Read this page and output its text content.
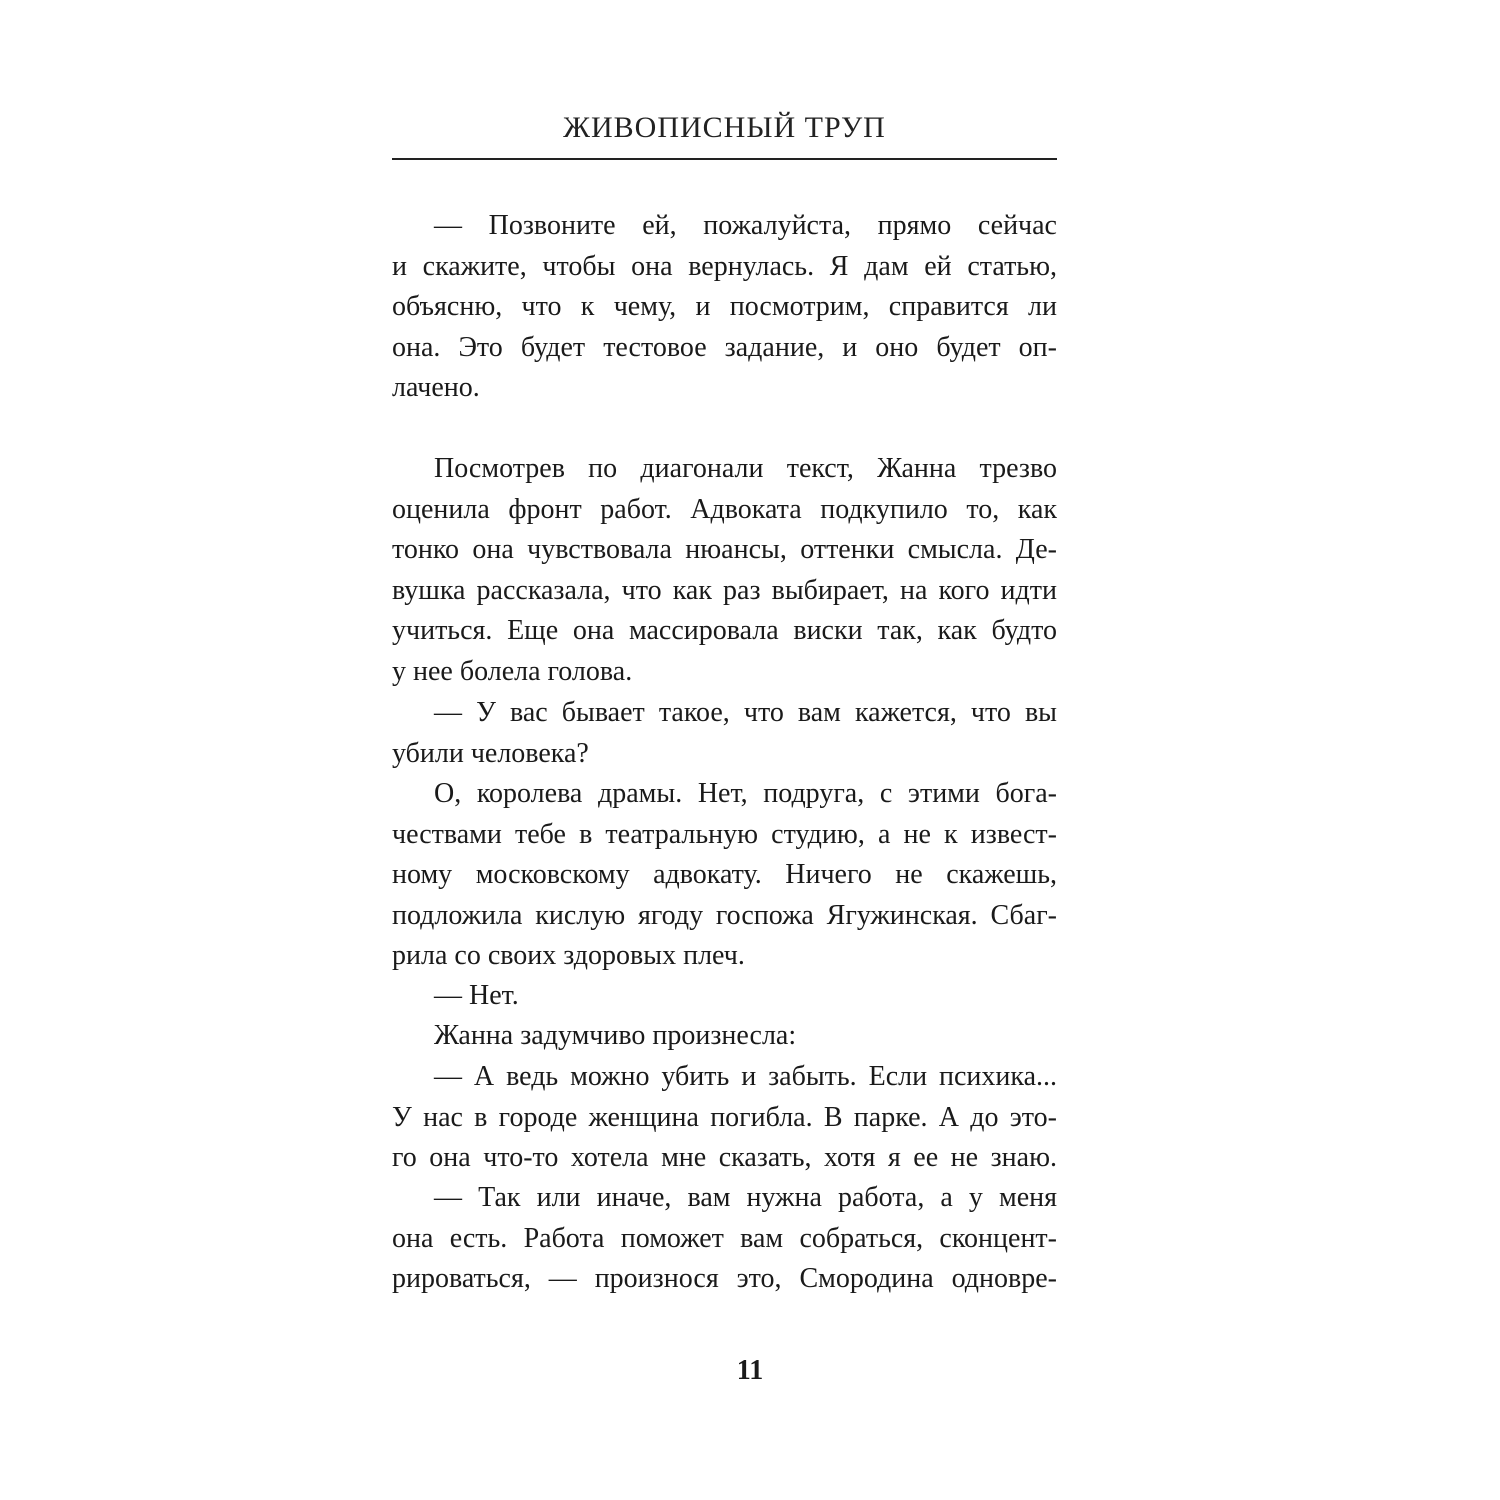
ЖИВОПИСНЫЙ ТРУП
— Позвоните ей, пожалуйста, прямо сейчас
и скажите, чтобы она вернулась. Я дам ей статью,
объясню, что к чему, и посмотрим, справится ли
она. Это будет тестовое задание, и оно будет оп-
лачено.
Посмотрев по диагонали текст, Жанна трезво
оценила фронт работ. Адвоката подкупило то, как
тонко она чувствовала нюансы, оттенки смысла. Де-
вушка рассказала, что как раз выбирает, на кого идти
учиться. Еще она массировала виски так, как будто
у нее болела голова.
— У вас бывает такое, что вам кажется, что вы
убили человека?
О, королева драмы. Нет, подруга, с этими бога-
чествами тебе в театральную студию, а не к извест-
ному московскому адвокату. Ничего не скажешь,
подложила кислую ягоду госпожа Ягужинская. Сбаг-
рила со своих здоровых плеч.
— Нет.
Жанна задумчиво произнесла:
— А ведь можно убить и забыть. Если психика...
У нас в городе женщина погибла. В парке. А до это-
го она что-то хотела мне сказать, хотя я ее не знаю.
— Так или иначе, вам нужна работа, а у меня
она есть. Работа поможет вам собраться, сконцент-
рироваться, — произнося это, Смородина одновре-
11
